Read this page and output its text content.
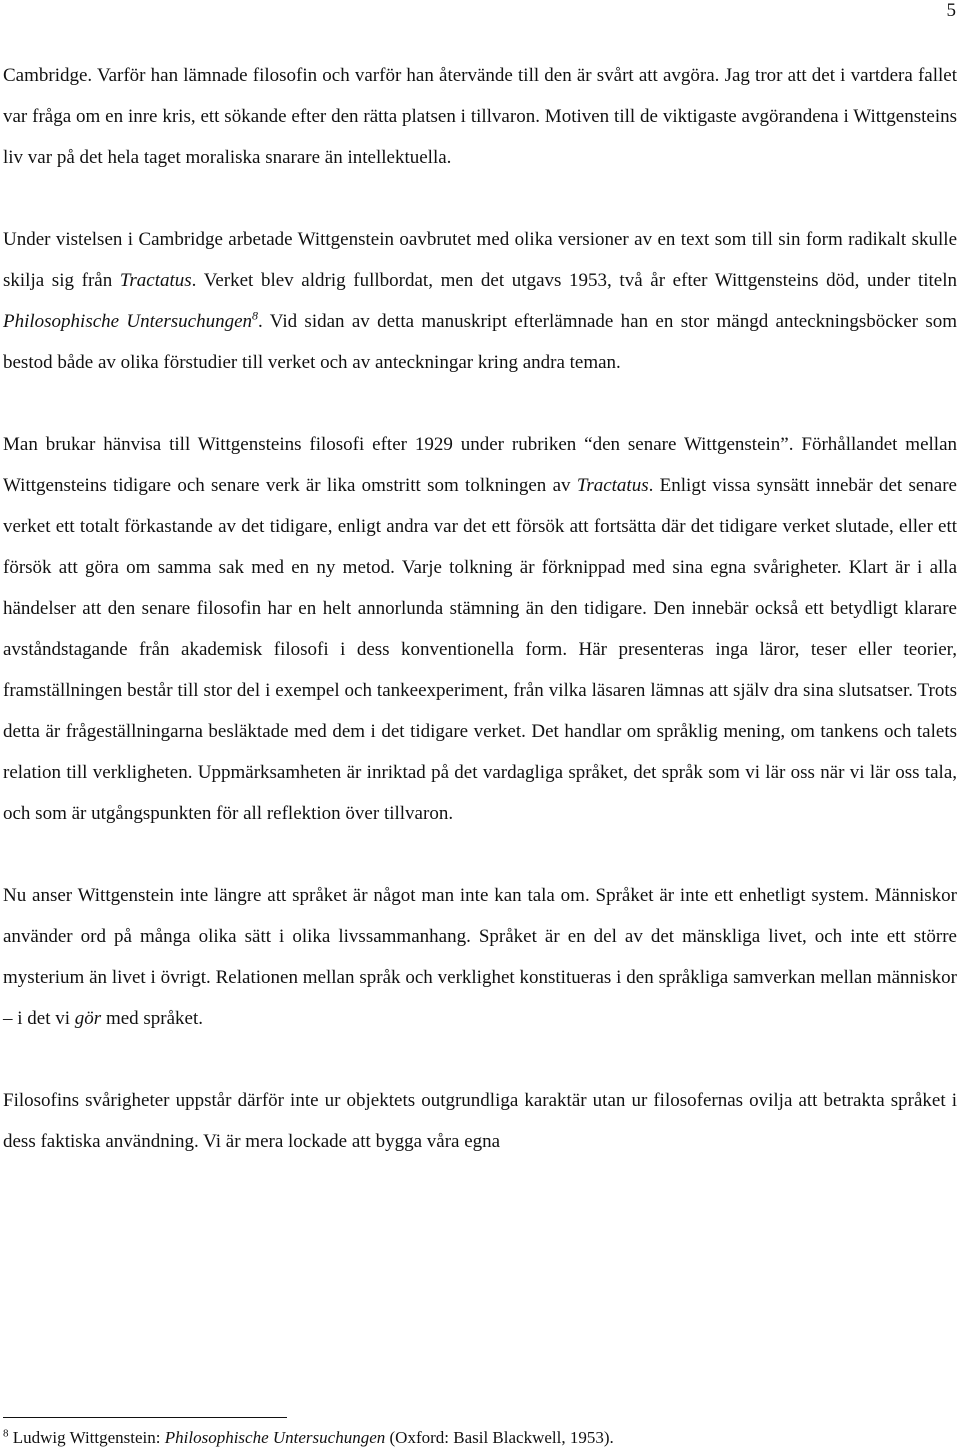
5

Cambridge. Varför han lämnade filosofin och varför han återvände till den är svårt att avgöra. Jag tror att det i vartdera fallet var fråga om en inre kris, ett sökande efter den rätta platsen i tillvaron. Motiven till de viktigaste avgörandena i Wittgensteins liv var på det hela taget moraliska snarare än intellektuella.

Under vistelsen i Cambridge arbetade Wittgenstein oavbrutet med olika versioner av en text som till sin form radikalt skulle skilja sig från Tractatus. Verket blev aldrig fullbordat, men det utgavs 1953, två år efter Wittgensteins död, under titeln Philosophische Untersuchungen$^8$. Vid sidan av detta manuskript efterlämnade han en stor mängd anteckningsböcker som bestod både av olika förstudier till verket och av anteckningar kring andra teman.

Man brukar hänvisa till Wittgensteins filosofi efter 1929 under rubriken “den senare Wittgenstein”. Förhållandet mellan Wittgensteins tidigare och senare verk är lika omstritt som tolkningen av Tractatus. Enligt vissa synsätt innebär det senare verket ett totalt förkastande av det tidigare, enligt andra var det ett försök att fortsätta där det tidigare verket slutade, eller ett försök att göra om samma sak med en ny metod. Varje tolkning är förknippad med sina egna svårigheter. Klart är i alla händelser att den senare filosofin har en helt annorlunda stämning än den tidigare. Den innebär också ett betydligt klarare avståndstagande från akademisk filosofi i dess konventionella form. Här presenteras inga läror, teser eller teorier, framställningen består till stor del i exempel och tankeexperiment, från vilka läsaren lämnas att själv dra sina slutsatser. Trots detta är frågeställningarna besläktade med dem i det tidigare verket. Det handlar om språklig mening, om tankens och talets relation till verkligheten. Uppmärksamheten är inriktad på det vardagliga språket, det språk som vi lär oss när vi lär oss tala, och som är utgångspunkten för all reflektion över tillvaron.

Nu anser Wittgenstein inte längre att språket är något man inte kan tala om. Språket är inte ett enhetligt system. Människor använder ord på många olika sätt i olika livssammanhang. Språket är en del av det mänskliga livet, och inte ett större mysterium än livet i övrigt. Relationen mellan språk och verklighet konstitueras i den språkliga samverkan mellan människor – i det vi gör med språket.

Filosofins svårigheter uppstår därför inte ur objektets outgrundliga karaktär utan ur filosofernas ovilja att betrakta språket i dess faktiska användning. Vi är mera lockade att bygga våra egna

$^8$ Ludwig Wittgenstein: Philosophische Untersuchungen (Oxford: Basil Blackwell, 1953).
